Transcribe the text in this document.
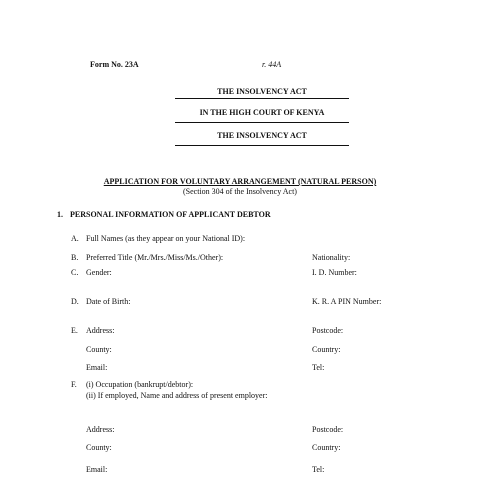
Form No. 23A	r. 44A
THE INSOLVENCY ACT
IN THE HIGH COURT OF KENYA
THE INSOLVENCY ACT
APPLICATION FOR VOLUNTARY ARRANGEMENT (NATURAL PERSON)
(Section 304 of the Insolvency Act)
1. PERSONAL INFORMATION OF APPLICANT DEBTOR
A. Full Names (as they appear on your National ID):
B. Preferred Title (Mr./Mrs./Miss/Ms./Other):	Nationality:
C. Gender:	I. D. Number:
D. Date of Birth:	K. R. A PIN Number:
E. Address:	Postcode:
County:	Country:
Email:	Tel:
F. (i) Occupation (bankrupt/debtor):
(ii) If employed, Name and address of present employer:
Address:	Postcode:
County:	Country:
Email:	Tel:
